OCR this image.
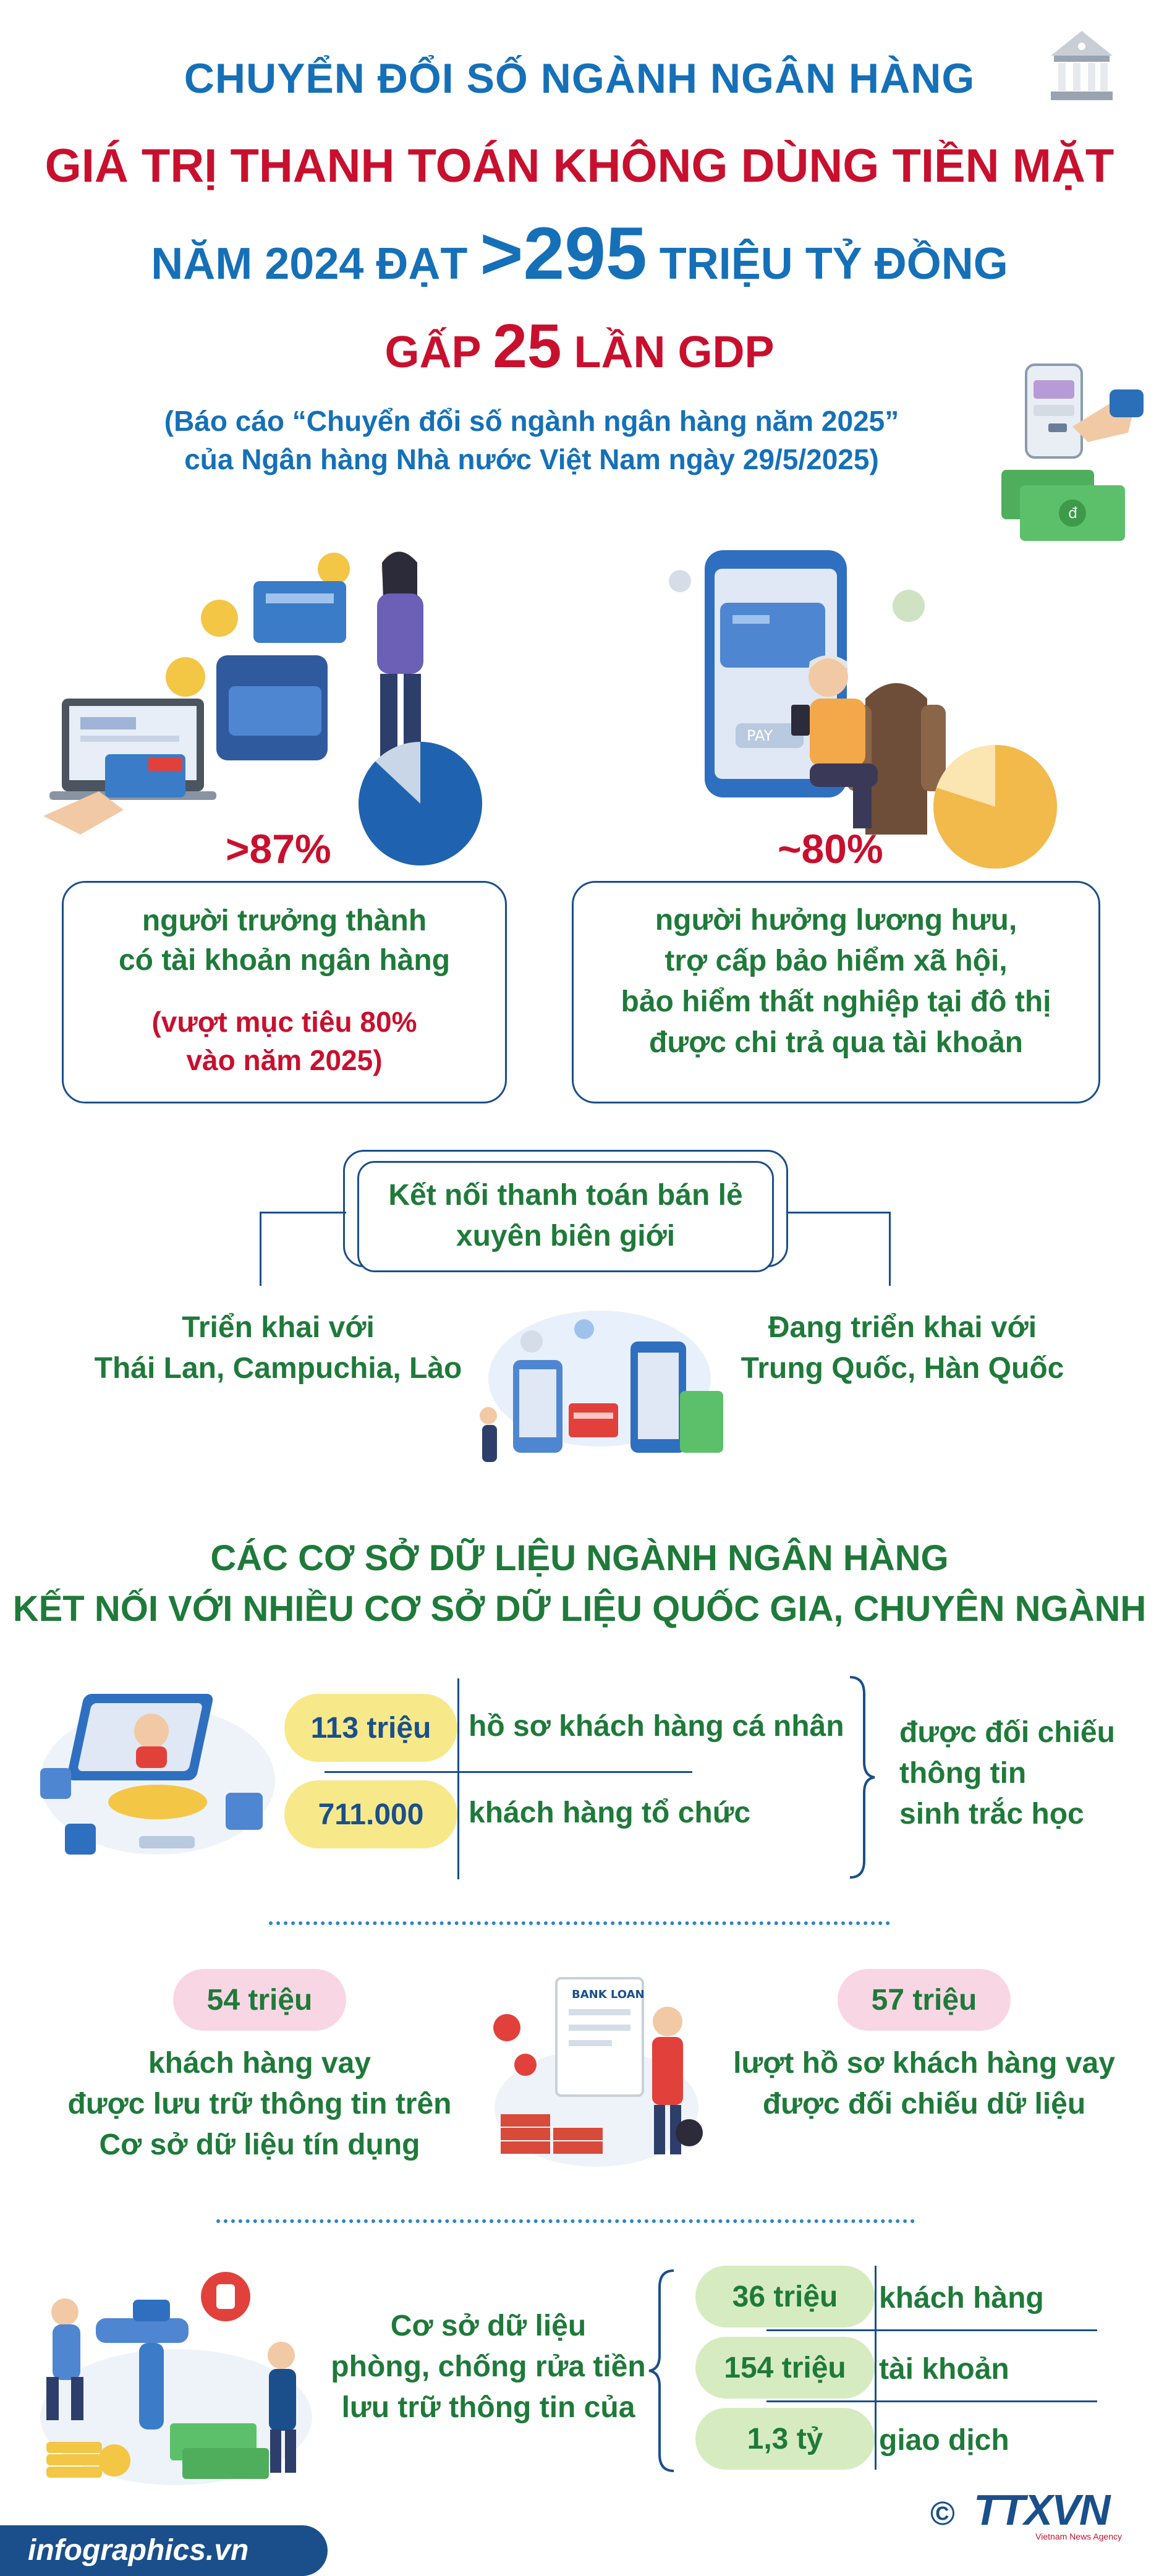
CHUYỂN ĐỔI SỐ NGÀNH NGÂN HÀNG
GIÁ TRỊ THANH TOÁN KHÔNG DÙNG TIỀN MẶT
NĂM 2024 ĐẠT >295 TRIỆU TỶ ĐỒNG
GẤP 25 LẦN GDP
(Báo cáo “Chuyển đổi số ngành ngân hàng năm 2025”
của Ngân hàng Nhà nước Việt Nam ngày 29/5/2025)
đ
>87%
người trưởng thành
có tài khoản ngân hàng
(vượt mục tiêu 80%
vào năm 2025)
PAY
~80%
người hưởng lương hưu,
trợ cấp bảo hiểm xã hội,
bảo hiểm thất nghiệp tại đô thị
được chi trả qua tài khoản
Kết nối thanh toán bán lẻ
xuyên biên giới
Triển khai với
Thái Lan, Campuchia, Lào
Đang triển khai với
Trung Quốc, Hàn Quốc
CÁC CƠ SỞ DỮ LIỆU NGÀNH NGÂN HÀNG
KẾT NỐI VỚI NHIỀU CƠ SỞ DỮ LIỆU QUỐC GIA, CHUYÊN NGÀNH
113 triệu	hồ sơ khách hàng cá nhân
711.000	khách hàng tổ chức
được đối chiếu
thông tin
sinh trắc học
54 triệu
khách hàng vay
được lưu trữ thông tin trên
Cơ sở dữ liệu tín dụng
BANK LOAN	57 triệu
lượt hồ sơ khách hàng vay
được đối chiếu dữ liệu
Cơ sở dữ liệu
phòng, chống rửa tiền
lưu trữ thông tin của
36 triệu	khách hàng
154 triệu	tài khoản
1,3 tỷ	giao dịch
infographics.vn
© TTXVN
Vietnam News Agency
